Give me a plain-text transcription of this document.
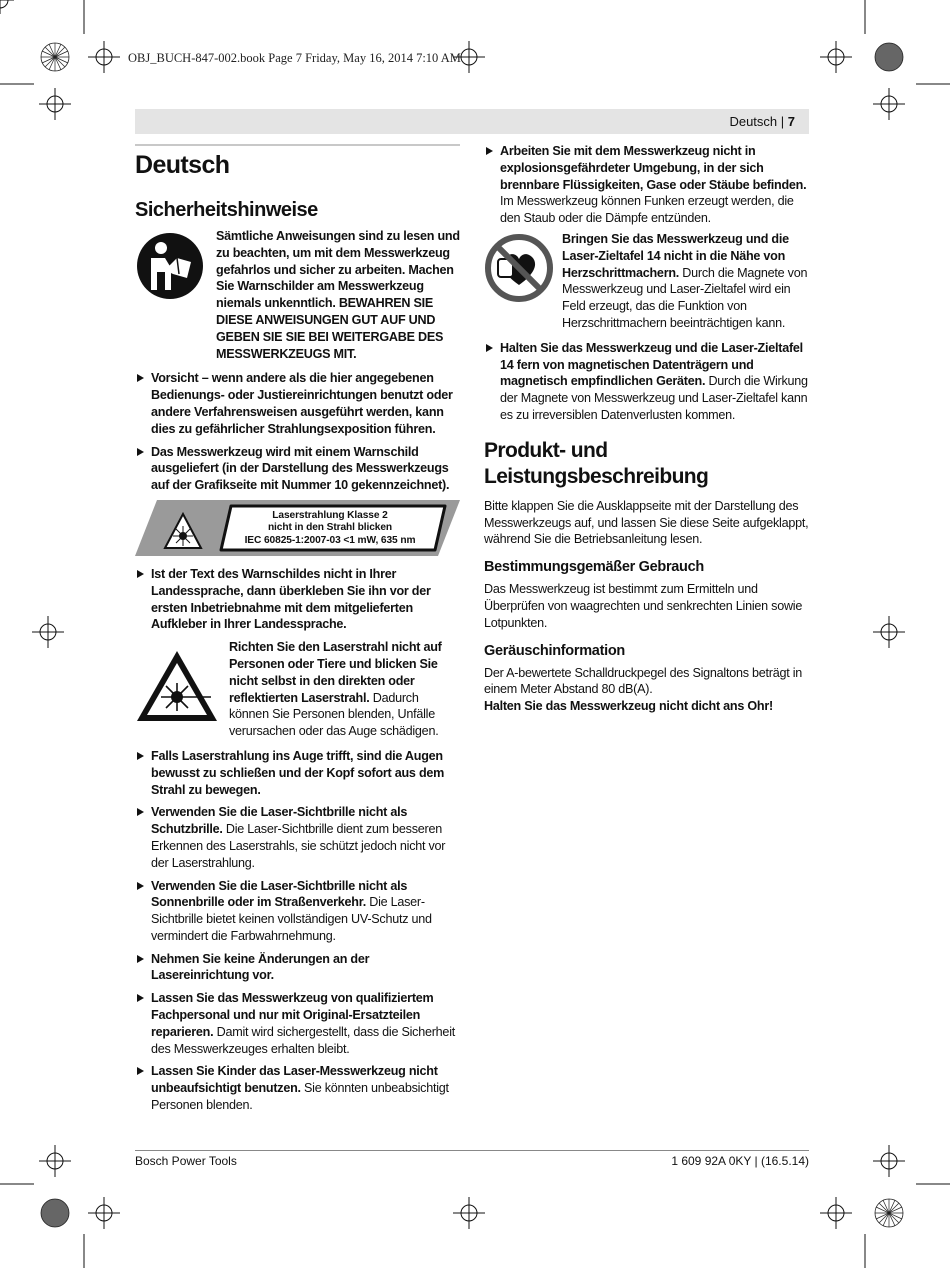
OBJ_BUCH-847-002.book Page 7 Friday, May 16, 2014 7:10 AM
Deutsch | 7
Deutsch
Sicherheitshinweise
Sämtliche Anweisungen sind zu lesen und zu beachten, um mit dem Messwerkzeug gefahrlos und sicher zu arbeiten. Machen Sie Warnschilder am Messwerkzeug niemals unkenntlich. BEWAHREN SIE DIESE ANWEISUNGEN GUT AUF UND GEBEN SIE SIE BEI WEITERGABE DES MESSWERKZEUGS MIT.
Vorsicht – wenn andere als die hier angegebenen Bedienungs- oder Justiereinrichtungen benutzt oder andere Verfahrensweisen ausgeführt werden, kann dies zu gefährlicher Strahlungsexposition führen.
Das Messwerkzeug wird mit einem Warnschild ausgeliefert (in der Darstellung des Messwerkzeugs auf der Grafikseite mit Nummer 10 gekennzeichnet).
Laserstrahlung Klasse 2
nicht in den Strahl blicken
IEC 60825-1:2007-03 <1 mW, 635 nm
Ist der Text des Warnschildes nicht in Ihrer Landessprache, dann überkleben Sie ihn vor der ersten Inbetriebnahme mit dem mitgelieferten Aufkleber in Ihrer Landessprache.
Richten Sie den Laserstrahl nicht auf Personen oder Tiere und blicken Sie nicht selbst in den direkten oder reflektierten Laserstrahl. Dadurch können Sie Personen blenden, Unfälle verursachen oder das Auge schädigen.
Falls Laserstrahlung ins Auge trifft, sind die Augen bewusst zu schließen und der Kopf sofort aus dem Strahl zu bewegen.
Verwenden Sie die Laser-Sichtbrille nicht als Schutzbrille. Die Laser-Sichtbrille dient zum besseren Erkennen des Laserstrahls, sie schützt jedoch nicht vor der Laserstrahlung.
Verwenden Sie die Laser-Sichtbrille nicht als Sonnenbrille oder im Straßenverkehr. Die Laser-Sichtbrille bietet keinen vollständigen UV-Schutz und vermindert die Farbwahrnehmung.
Nehmen Sie keine Änderungen an der Lasereinrichtung vor.
Lassen Sie das Messwerkzeug von qualifiziertem Fachpersonal und nur mit Original-Ersatzteilen reparieren. Damit wird sichergestellt, dass die Sicherheit des Messwerkzeuges erhalten bleibt.
Lassen Sie Kinder das Laser-Messwerkzeug nicht unbeaufsichtigt benutzen. Sie könnten unbeabsichtigt Personen blenden.
Arbeiten Sie mit dem Messwerkzeug nicht in explosionsgefährdeter Umgebung, in der sich brennbare Flüssigkeiten, Gase oder Stäube befinden. Im Messwerkzeug können Funken erzeugt werden, die den Staub oder die Dämpfe entzünden.
Bringen Sie das Messwerkzeug und die Laser-Zieltafel 14 nicht in die Nähe von Herzschrittmachern. Durch die Magnete von Messwerkzeug und Laser-Zieltafel wird ein Feld erzeugt, das die Funktion von Herzschrittmachern beeinträchtigen kann.
Halten Sie das Messwerkzeug und die Laser-Zieltafel 14 fern von magnetischen Datenträgern und magnetisch empfindlichen Geräten. Durch die Wirkung der Magnete von Messwerkzeug und Laser-Zieltafel kann es zu irreversiblen Datenverlusten kommen.
Produkt- und Leistungsbeschreibung

Bitte klappen Sie die Ausklappseite mit der Darstellung des Messwerkzeugs auf, und lassen Sie diese Seite aufgeklappt, während Sie die Betriebsanleitung lesen.

Bestimmungsgemäßer Gebrauch

Das Messwerkzeug ist bestimmt zum Ermitteln und Überprüfen von waagrechten und senkrechten Linien sowie Lotpunkten.

Geräuschinformation

Der A-bewertete Schalldruckpegel des Signaltons beträgt in einem Meter Abstand 80 dB(A).

Halten Sie das Messwerkzeug nicht dicht ans Ohr!

Bosch Power Tools	1 609 92A 0KY | (16.5.14)
